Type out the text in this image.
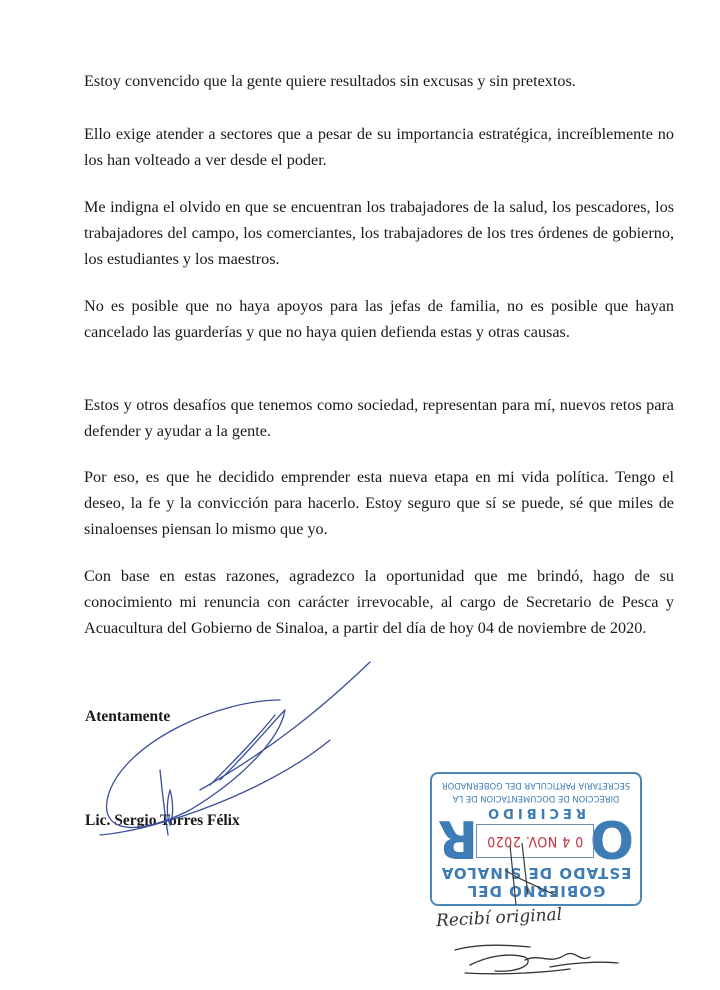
Estoy convencido que la gente quiere resultados sin excusas y sin pretextos.

Ello exige atender a sectores que a pesar de su importancia estratégica, increíblemente no los han volteado a ver desde el poder.

Me indigna el olvido en que se encuentran los trabajadores de la salud, los pescadores, los trabajadores del campo, los comerciantes, los trabajadores de los tres órdenes de gobierno, los estudiantes y los maestros.

No es posible que no haya apoyos para las jefas de familia, no es posible que hayan cancelado las guarderías y que no haya quien defienda estas y otras causas.

Estos y otros desafíos que tenemos como sociedad, representan para mí, nuevos retos para defender y ayudar a la gente.

Por eso, es que he decidido emprender esta nueva etapa en mi vida política. Tengo el deseo, la fe y la convicción para hacerlo. Estoy seguro que sí se puede, sé que miles de sinaloenses piensan lo mismo que yo.

Con base en estas razones, agradezco la oportunidad que me brindó, hago de su conocimiento mi renuncia con carácter irrevocable, al cargo de Secretario de Pesca y Acuacultura del Gobierno de Sinaloa, a partir del día de hoy 04 de noviembre de 2020.

Atentamente
Lic. Sergio Torres Félix
GOBIERNO DEL
ESTADO DE SINALOA
R O
0 4 NOV. 2020
RECIBIDO
DIRECCION DE DOCUMENTACION DE LA
SECRETARIA PARTICULAR DEL GOBERNADOR
Recibí original
